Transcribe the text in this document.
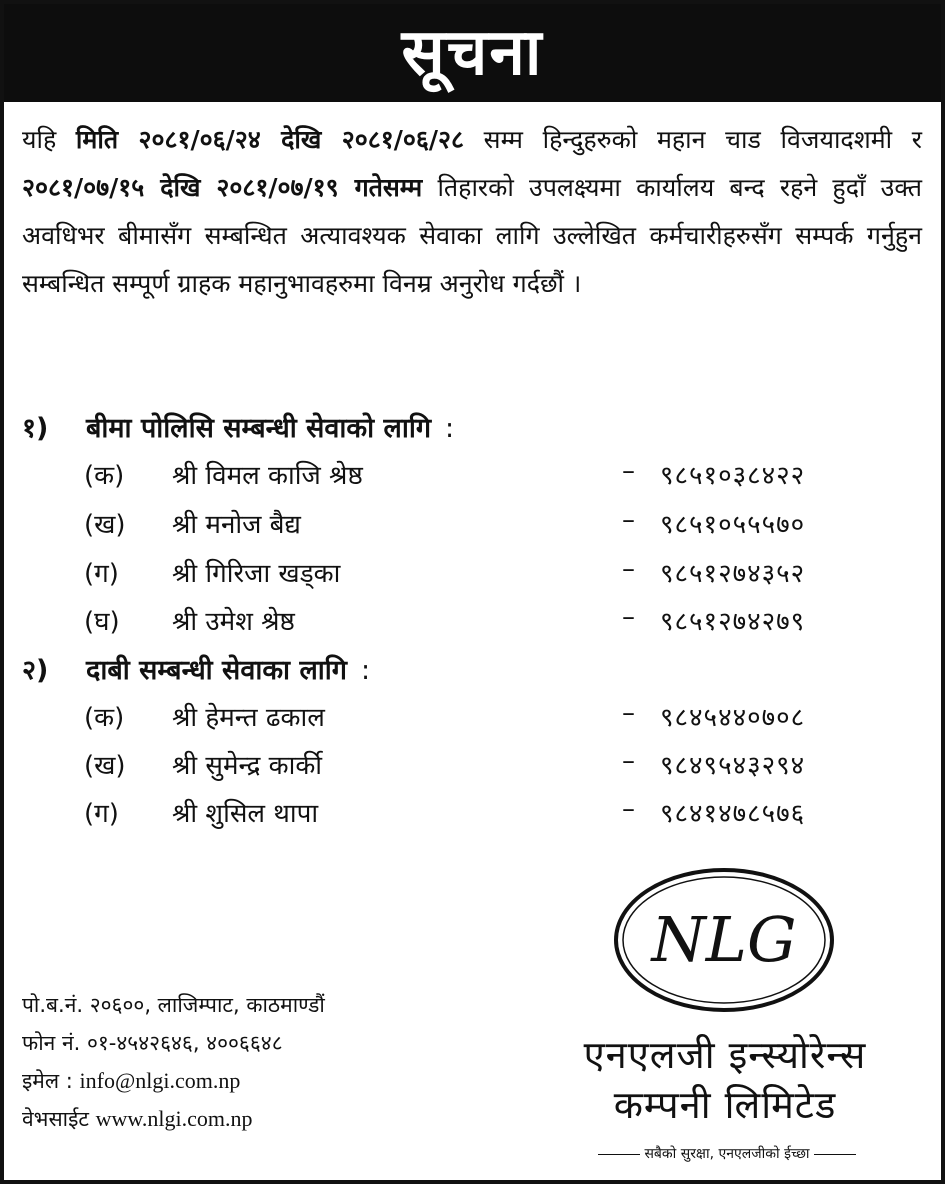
सूचना
यहि मिति २०८१/०६/२४ देखि २०८१/०६/२८ सम्म हिन्दुहरुको महान चाड विजयादशमी र २०८१/०७/१५ देखि २०८१/०७/१९ गतेसम्म तिहारको उपलक्ष्यमा कार्यालय बन्द रहने हुदाँ उक्त अवधिभर बीमासँग सम्बन्धित अत्यावश्यक सेवाका लागि उल्लेखित कर्मचारीहरुसँग सम्पर्क गर्नुहुन सम्बन्धित सम्पूर्ण ग्राहक महानुभावहरुमा विनम्र अनुरोध गर्दछौं ।
१) बीमा पोलिसि सम्बन्धी सेवाको लागि :
(क) श्री विमल काजि श्रेष्ठ	– ९८५१०३८४२२
(ख) श्री मनोज बैद्य	– ९८५१०५५५७०
(ग) श्री गिरिजा खड्का	– ९८५१२७४३५२
(घ) श्री उमेश श्रेष्ठ	– ९८५१२७४२७९
२) दाबी सम्बन्धी सेवाका लागि :
(क) श्री हेमन्त ढकाल	– ९८४५४४०७०८
(ख) श्री सुमेन्द्र कार्की	– ९८४९५४३२९४
(ग) श्री शुसिल थापा	– ९८४१४७८५७६
NLG
पो.ब.नं. २०६००, लाजिम्पाट, काठमाण्डौं
फोन नं. ०१-४५४२६४६, ४००६६४८
इमेल : info@nlgi.com.np
वेभसाईट www.nlgi.com.np
एनएलजी इन्स्योरेन्स
कम्पनी लिमिटेड
सबैको सुरक्षा, एनएलजीको ईच्छा
